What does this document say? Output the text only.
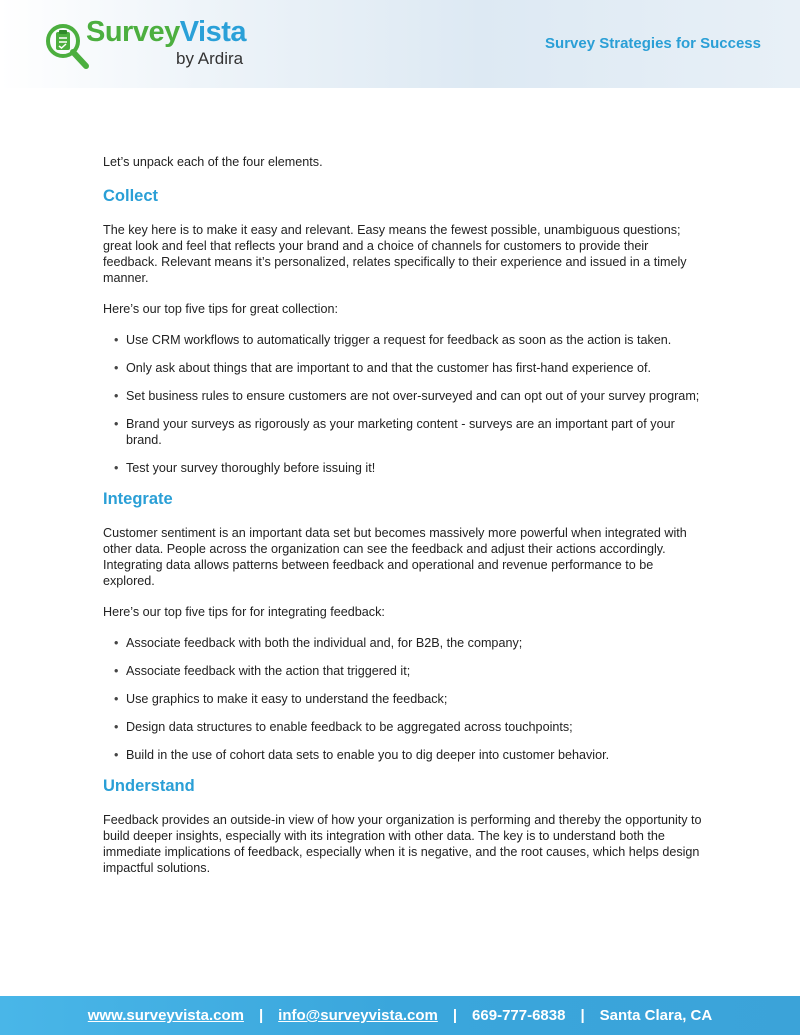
SurveyVista
by Ardira
Survey Strategies for Success

Let’s unpack each of the four elements.

Collect

The key here is to make it easy and relevant. Easy means the fewest possible, unambiguous questions; great look and feel that reflects your brand and a choice of channels for customers to provide their feedback. Relevant means it’s personalized, relates specifically to their experience and issued in a timely manner.

Here’s our top five tips for great collection:

• Use CRM workflows to automatically trigger a request for feedback as soon as the action is taken.
• Only ask about things that are important to and that the customer has first-hand experience of.
• Set business rules to ensure customers are not over-surveyed and can opt out of your survey program;
• Brand your surveys as rigorously as your marketing content - surveys are an important part of your brand.
• Test your survey thoroughly before issuing it!
Integrate

Customer sentiment is an important data set but becomes massively more powerful when integrated with other data. People across the organization can see the feedback and adjust their actions accordingly. Integrating data allows patterns between feedback and operational and revenue performance to be explored.

Here’s our top five tips for for integrating feedback:

• Associate feedback with both the individual and, for B2B, the company;
• Associate feedback with the action that triggered it;
• Use graphics to make it easy to understand the feedback;
• Design data structures to enable feedback to be aggregated across touchpoints;
• Build in the use of cohort data sets to enable you to dig deeper into customer behavior.
Understand

Feedback provides an outside-in view of how your organization is performing and thereby the opportunity to build deeper insights, especially with its integration with other data. The key is to understand both the immediate implications of feedback, especially when it is negative, and the root causes, which helps design impactful solutions.

www.surveyvista.com | info@surveyvista.com | 669-777-6838 | Santa Clara, CA
